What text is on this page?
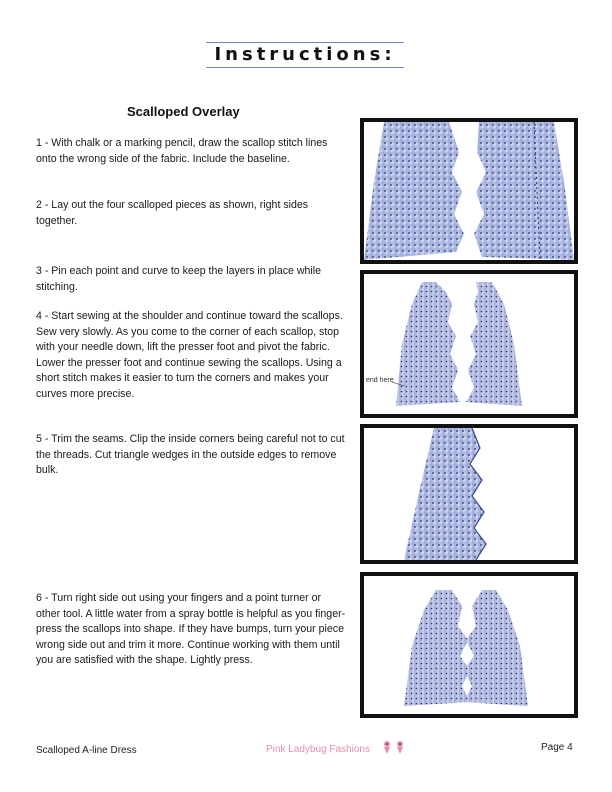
Instructions:
Scalloped Overlay
1 - With chalk or a marking pencil, draw the scallop stitch lines onto the wrong side of the fabric. Include the baseline.
2 - Lay out the four scalloped pieces as shown, right sides together.
3 - Pin each point and curve to keep the layers in place while stitching.
4 - Start sewing at the shoulder and continue toward the scallops. Sew very slowly. As you come to the corner of each scallop, stop with your needle down, lift the presser foot and pivot the fabric. Lower the presser foot and continue sewing the scallops. Using a short stitch makes it easier to turn the corners and makes your curves more precise.
5 - Trim the seams. Clip the inside corners being careful not to cut the threads. Cut triangle wedges in the outside edges to remove bulk.
6 - Turn right side out using your fingers and a point turner or other tool. A little water from a spray bottle is helpful as you finger-press the scallops into shape. If they have bumps, turn your piece wrong side out and trim it more. Continue working with them until you are satisfied with the shape. Lightly press.
end here
Scalloped A-line Dress	Pink Ladybug Fashions	Page 4
